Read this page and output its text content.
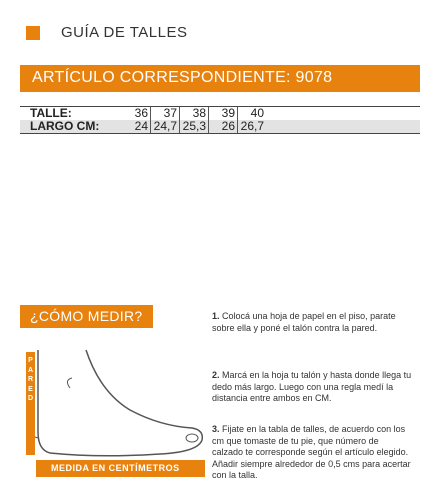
GUÍA DE TALLES
ARTÍCULO CORRESPONDIENTE: 9078
TALLE:	36	37	38	39	40	
LARGO CM:	24	24,7	25,3	26	26,7	
¿CÓMO MEDIR?
P
A
R
E
D
MEDIDA EN CENTÍMETROS
1. Colocá una hoja de papel en el piso, parate sobre ella y poné el talón contra la pared.
2. Marcá en la hoja tu talón y hasta donde llega tu dedo más largo. Luego con una regla medí la distancia entre ambos en CM.
3. Fijate en la tabla de talles, de acuerdo con los cm que tomaste de tu pie, que número de calzado te corresponde según el artículo elegido. Añadir siempre alrededor de 0,5 cms para acertar con la talla.
